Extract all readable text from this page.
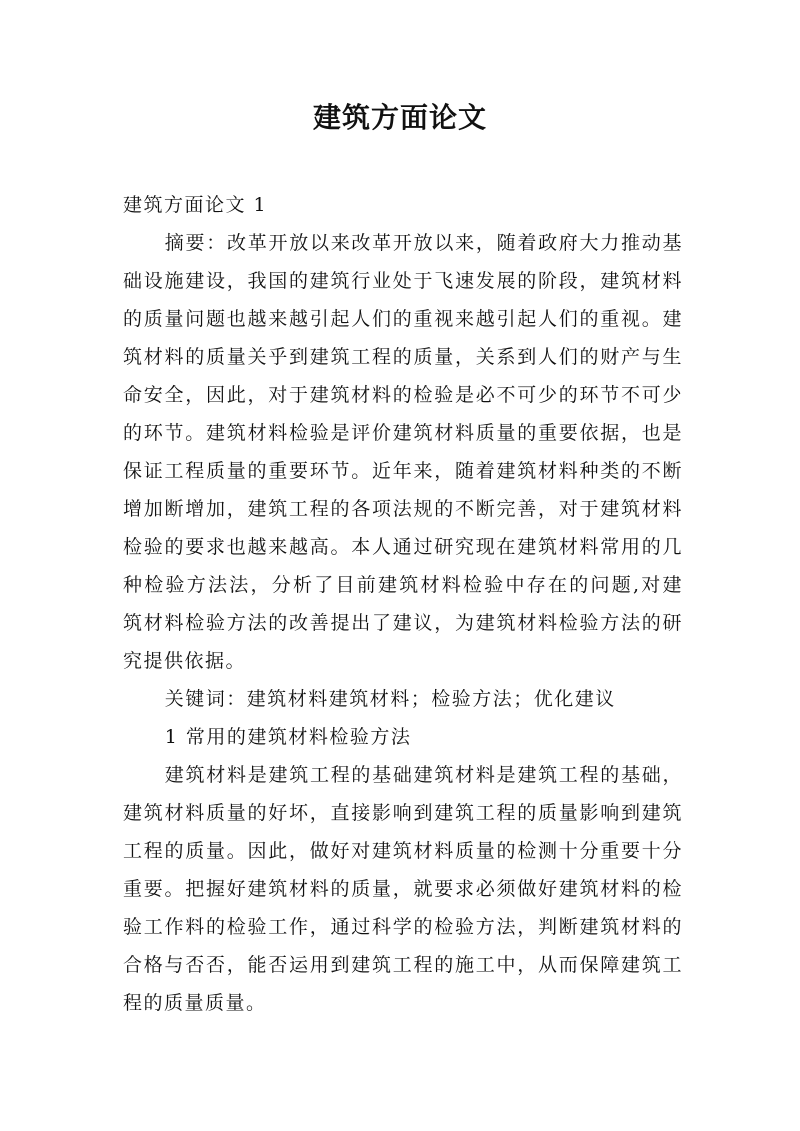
建筑方面论文

建筑方面论文 1

摘要：改革开放以来改革开放以来，随着政府大力推动基础设施建设，我国的建筑行业处于飞速发展的阶段，建筑材料的质量问题也越来越引起人们的重视来越引起人们的重视。建筑材料的质量关乎到建筑工程的质量，关系到人们的财产与生命安全，因此，对于建筑材料的检验是必不可少的环节不可少的环节。建筑材料检验是评价建筑材料质量的重要依据，也是保证工程质量的重要环节。近年来，随着建筑材料种类的不断增加断增加，建筑工程的各项法规的不断完善，对于建筑材料检验的要求也越来越高。本人通过研究现在建筑材料常用的几种检验方法法，分析了目前建筑材料检验中存在的问题,对建筑材料检验方法的改善提出了建议，为建筑材料检验方法的研究提供依据。

关键词：建筑材料建筑材料；检验方法；优化建议

1 常用的建筑材料检验方法

建筑材料是建筑工程的基础建筑材料是建筑工程的基础，建筑材料质量的好坏，直接影响到建筑工程的质量影响到建筑工程的质量。因此，做好对建筑材料质量的检测十分重要十分重要。把握好建筑材料的质量，就要求必须做好建筑材料的检验工作料的检验工作，通过科学的检验方法，判断建筑材料的合格与否否，能否运用到建筑工程的施工中，从而保障建筑工程的质量质量。
